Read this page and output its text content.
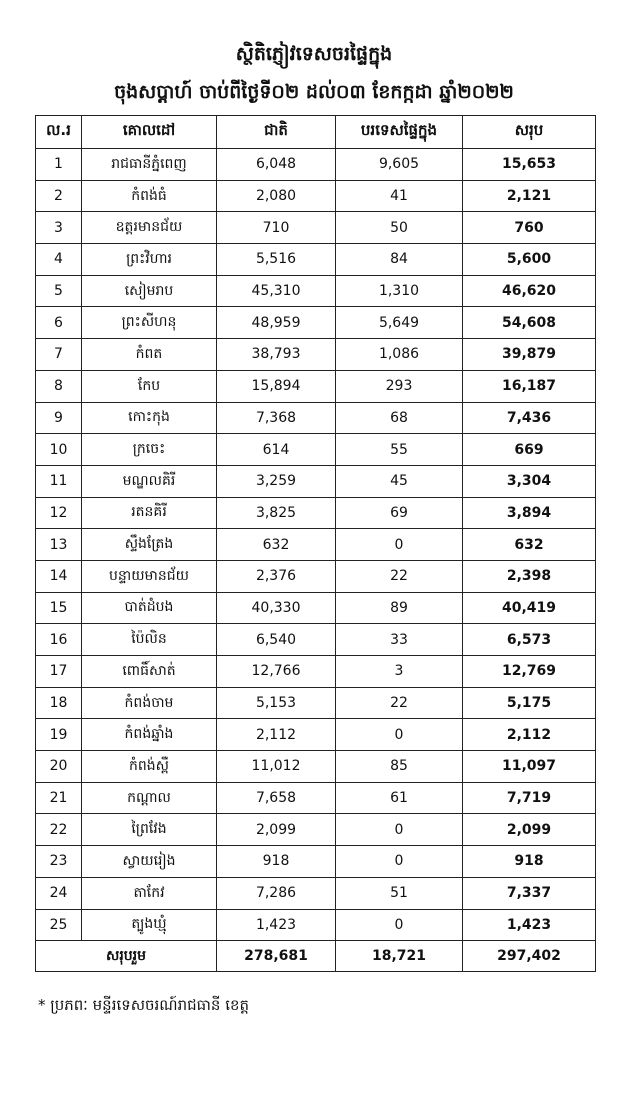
ស្ថិតិភ្ញៀវទេសចរផ្ទៃក្នុង
ចុងសប្តាហ៍ ចាប់ពីថ្ងៃទី០២ ដល់០៣ ខែកក្កដា ឆ្នាំ២០២២
ល.រ	គោលដៅ	ជាតិ	បរទេសផ្ទៃក្នុង	សរុប
1	រាជធានីភ្នំពេញ	6,048	9,605	15,653
2	កំពង់ធំ	2,080	41	2,121
3	ឧត្តរមានជ័យ	710	50	760
4	ព្រះវិហារ	5,516	84	5,600
5	សៀមរាប	45,310	1,310	46,620
6	ព្រះសីហនុ	48,959	5,649	54,608
7	កំពត	38,793	1,086	39,879
8	កែប	15,894	293	16,187
9	កោះកុង	7,368	68	7,436
10	ក្រចេះ	614	55	669
11	មណ្ឌលគិរី	3,259	45	3,304
12	រតនគិរី	3,825	69	3,894
13	ស្ទឹងត្រែង	632	0	632
14	បន្ទាយមានជ័យ	2,376	22	2,398
15	បាត់ដំបង	40,330	89	40,419
16	ប៉ៃលិន	6,540	33	6,573
17	ពោធិ៍សាត់	12,766	3	12,769
18	កំពង់ចាម	5,153	22	5,175
19	កំពង់ឆ្នាំង	2,112	0	2,112
20	កំពង់ស្ពឺ	11,012	85	11,097
21	កណ្តាល	7,658	61	7,719
22	ព្រៃវែង	2,099	0	2,099
23	ស្វាយរៀង	918	0	918
24	តាកែវ	7,286	51	7,337
25	ត្បូងឃ្មុំ	1,423	0	1,423
សរុបរួម		278,681	18,721	297,402
* ប្រភពៈ មន្ទីរទេសចរណ៍រាជធានី ខេត្ត
